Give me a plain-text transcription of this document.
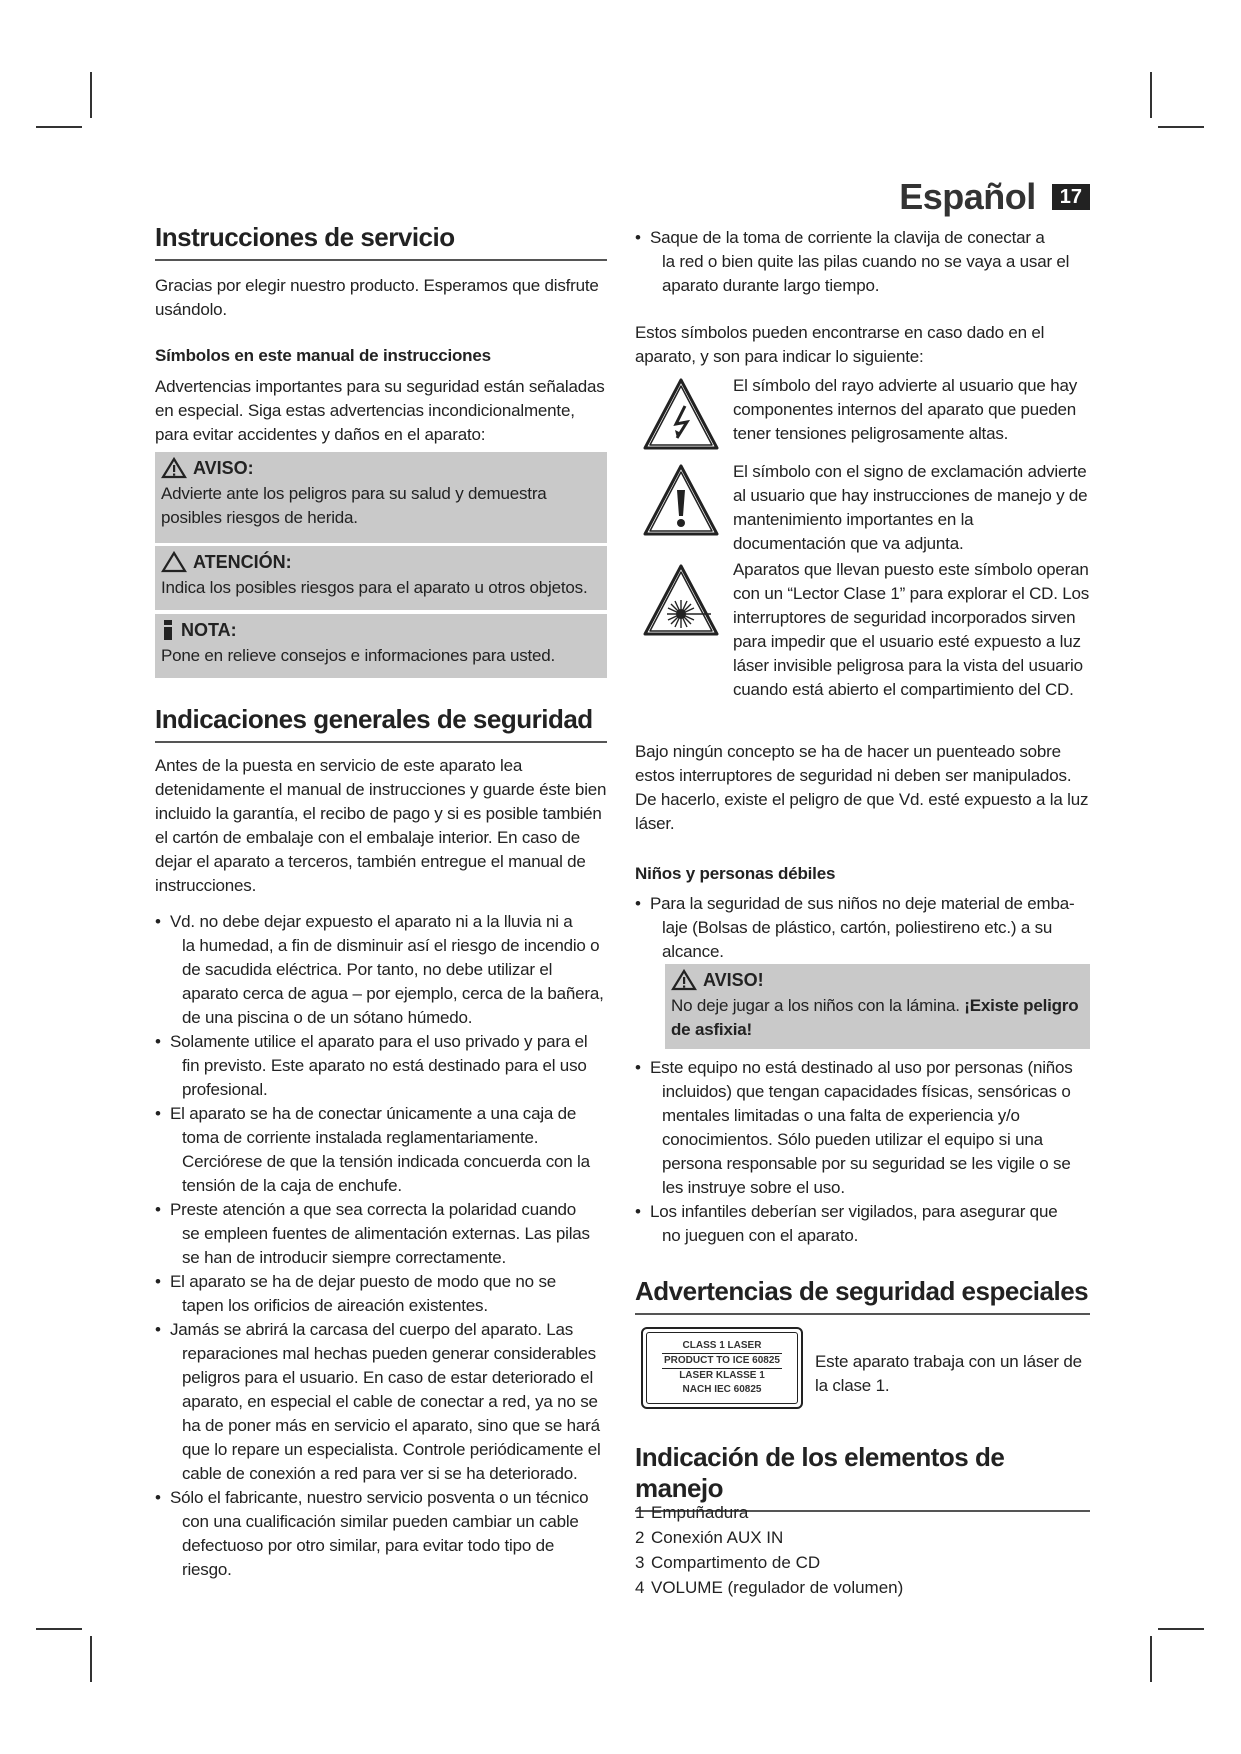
Español	17
Instrucciones de servicio

Gracias por elegir nuestro producto. Esperamos que disfrute usándolo.

Símbolos en este manual de instrucciones

Advertencias importantes para su seguridad están señaladas en especial. Siga estas advertencias incondicionalmente, para evitar accidentes y daños en el aparato:

AVISO:
Advierte ante los peligros para su salud y demuestra posibles riesgos de herida.
ATENCIÓN:
Indica los posibles riesgos para el aparato u otros objetos.
NOTA:
Pone en relieve consejos e informaciones para usted.
Indicaciones generales de seguridad

Antes de la puesta en servicio de este aparato lea detenidamente el manual de instrucciones y guarde éste bien incluido la garantía, el recibo de pago y si es posible también el cartón de embalaje con el embalaje interior. En caso de dejar el aparato a terceros, también entregue el manual de instrucciones.

• Vd. no debe dejar expuesto el aparato ni a la lluvia ni a
la humedad, a fin de disminuir así el riesgo de incendio o de sacudida eléctrica. Por tanto, no debe utilizar el aparato cerca de agua – por ejemplo, cerca de la bañera, de una piscina o de un sótano húmedo.
• Solamente utilice el aparato para el uso privado y para el
fin previsto. Este aparato no está destinado para el uso profesional.
• El aparato se ha de conectar únicamente a una caja de
toma de corriente instalada reglamentariamente. Cerciórese de que la tensión indicada concuerda con la tensión de la caja de enchufe.
• Preste atención a que sea correcta la polaridad cuando
se empleen fuentes de alimentación externas. Las pilas se han de introducir siempre correctamente.
• El aparato se ha de dejar puesto de modo que no se
tapen los orificios de aireación existentes.
• Jamás se abrirá la carcasa del cuerpo del aparato. Las
reparaciones mal hechas pueden generar considerables peligros para el usuario. En caso de estar deteriorado el aparato, en especial el cable de conectar a red, ya no se ha de poner más en servicio el aparato, sino que se hará que lo repare un especialista. Controle periódicamente el cable de conexión a red para ver si se ha deteriorado.
• Sólo el fabricante, nuestro servicio posventa o un técnico
con una cualificación similar pueden cambiar un cable defectuoso por otro similar, para evitar todo tipo de riesgo.
• Saque de la toma de corriente la clavija de conectar a
la red o bien quite las pilas cuando no se vaya a usar el aparato durante largo tiempo.

Estos símbolos pueden encontrarse en caso dado en el aparato, y son para indicar lo siguiente:

El símbolo del rayo advierte al usuario que hay componentes internos del aparato que pueden tener tensiones peligrosamente altas.

El símbolo con el signo de exclamación advierte al usuario que hay instrucciones de manejo y de mantenimiento importantes en la documentación que va adjunta.

Aparatos que llevan puesto este símbolo operan con un “Lector Clase 1” para explorar el CD. Los interruptores de seguridad incorporados sirven para impedir que el usuario esté expuesto a luz láser invisible peligrosa para la vista del usuario cuando está abierto el compartimiento del CD.

Bajo ningún concepto se ha de hacer un puenteado sobre estos interruptores de seguridad ni deben ser manipulados. De hacerlo, existe el peligro de que Vd. esté expuesto a la luz láser.

Niños y personas débiles
• Para la seguridad de sus niños no deje material de emba-
laje (Bolsas de plástico, cartón, poliestireno etc.) a su alcance.
AVISO!
No deje jugar a los niños con la lámina. ¡Existe peligro de asfixia!
• Este equipo no está destinado al uso por personas (niños
incluidos) que tengan capacidades físicas, sensóricas o mentales limitadas o una falta de experiencia y/o conocimientos. Sólo pueden utilizar el equipo si una persona responsable por su seguridad se les vigile o se les instruye sobre el uso.
• Los infantiles deberían ser vigilados, para asegurar que
no jueguen con el aparato.
Advertencias de seguridad especiales
CLASS 1 LASER
PRODUCT TO ICE 60825
LASER KLASSE 1
NACH IEC 60825

Este aparato trabaja con un láser de la clase 1.

Indicación de los elementos de manejo
1 Empuñadura
2 Conexión AUX IN
3 Compartimento de CD
4 VOLUME (regulador de volumen)
